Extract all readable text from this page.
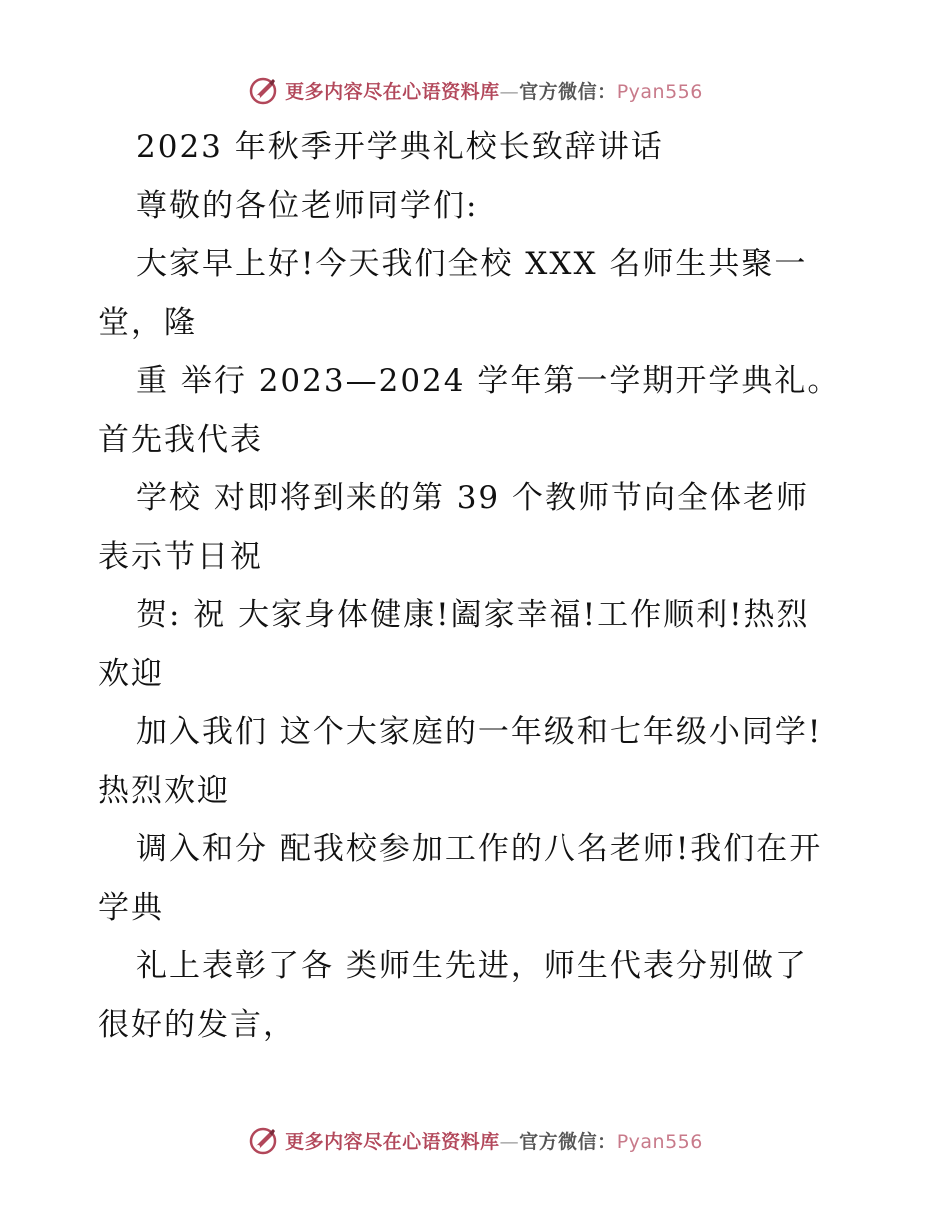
更多内容尽在心语资料库—官方微信：Pyan556
2023 年秋季开学典礼校长致辞讲话
尊敬的各位老师同学们:
大家早上好!今天我们全校 XXX 名师生共聚一
堂，隆
重 举行 2023—2024 学年第一学期开学典礼。
首先我代表
学校 对即将到来的第 39 个教师节向全体老师
表示节日祝
贺: 祝 大家身体健康!阖家幸福!工作顺利!热烈
欢迎
加入我们 这个大家庭的一年级和七年级小同学!
热烈欢迎
调入和分 配我校参加工作的八名老师!我们在开
学典
礼上表彰了各 类师生先进，师生代表分别做了
很好的发言，
更多内容尽在心语资料库—官方微信：Pyan556
